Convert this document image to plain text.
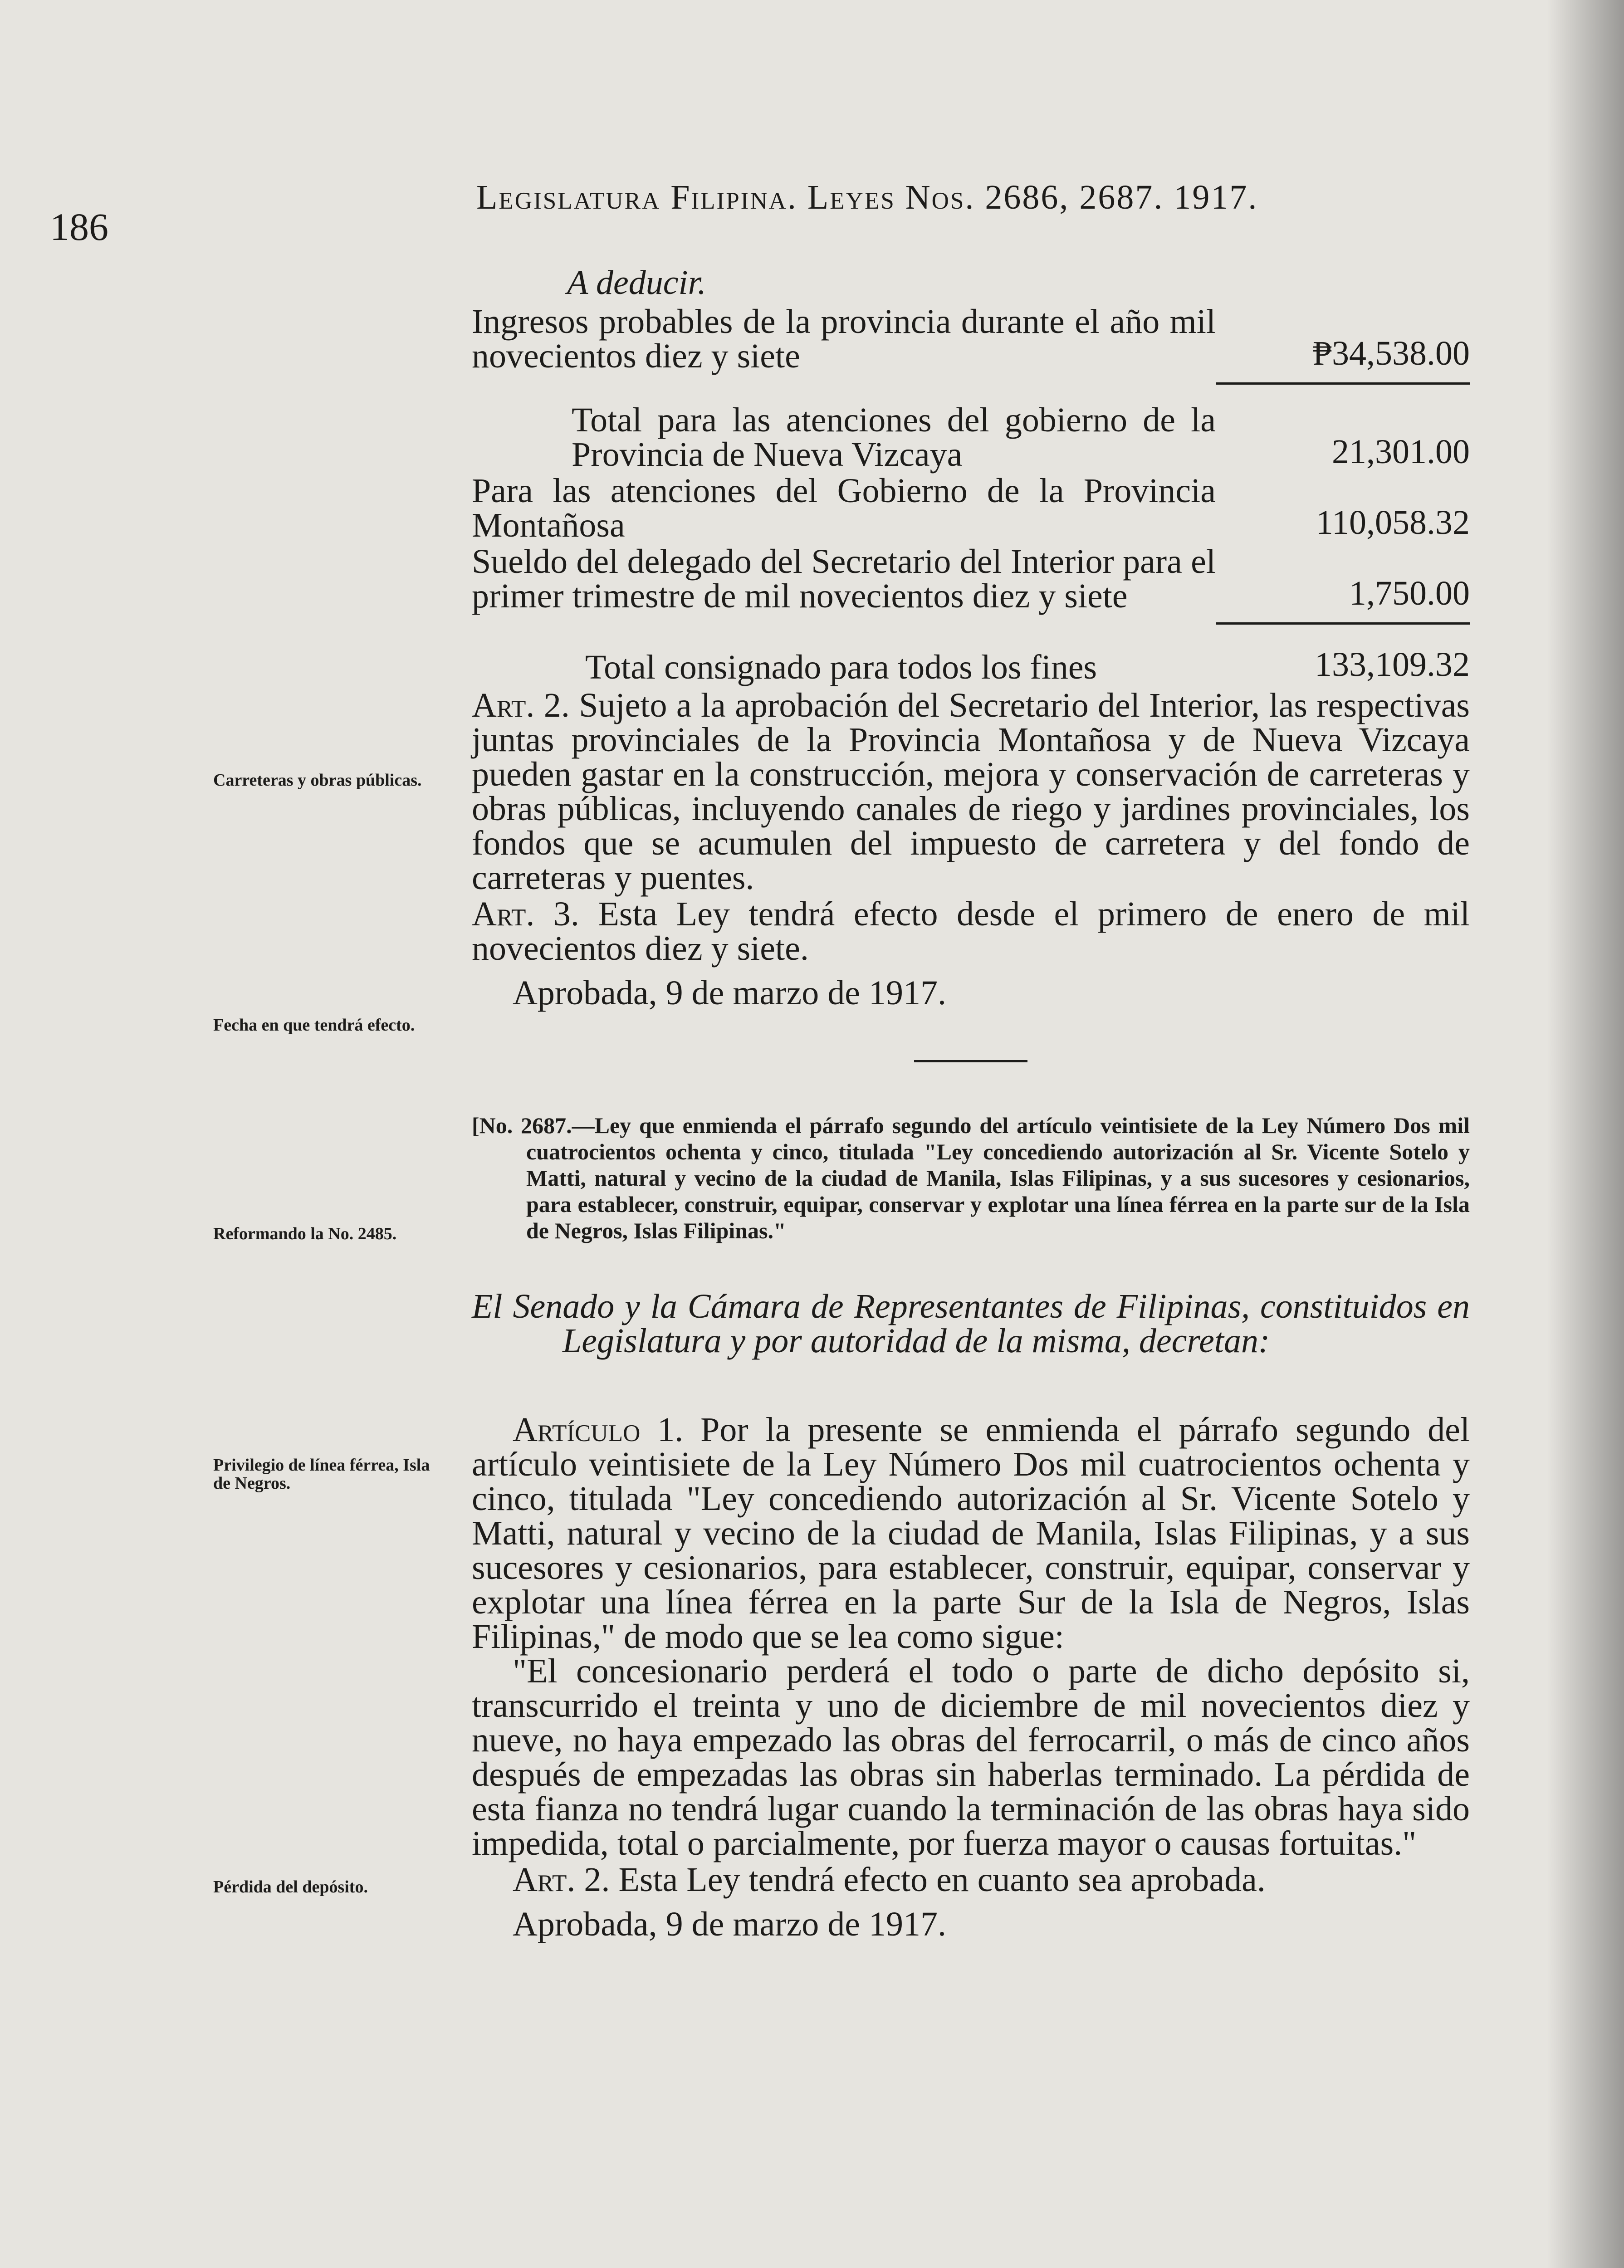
186
Legislatura Filipina. Leyes Nos. 2686, 2687. 1917.
Carreteras y obras públicas.
Fecha en que tendrá efecto.
Reformando la No. 2485.
Privilegio de línea férrea, Isla de Negros.
Pérdida del depósito.
A deducir.
Ingresos probables de la provincia durante el año mil novecientos diez y siete	₱34,538.00
Total para las atenciones del gobierno de la Provincia de Nueva Vizcaya	21,301.00
Para las atenciones del Gobierno de la Provincia Montañosa	110,058.32
Sueldo del delegado del Secretario del Interior para el primer trimestre de mil novecientos diez y siete	1,750.00
Total consignado para todos los fines	133,109.32
Art. 2. Sujeto a la aprobación del Secretario del Interior, las respectivas juntas provinciales de la Provincia Montañosa y de Nueva Vizcaya pueden gastar en la construcción, mejora y conservación de carreteras y obras públicas, incluyendo canales de riego y jardines provinciales, los fondos que se acumulen del impuesto de carretera y del fondo de carreteras y puentes.
Art. 3. Esta Ley tendrá efecto desde el primero de enero de mil novecientos diez y siete.
Aprobada, 9 de marzo de 1917.
[No. 2687.—Ley que enmienda el párrafo segundo del artículo veintisiete de la Ley Número Dos mil cuatrocientos ochenta y cinco, titulada "Ley concediendo autorización al Sr. Vicente Sotelo y Matti, natural y vecino de la ciudad de Manila, Islas Filipinas, y a sus sucesores y cesionarios, para establecer, construir, equipar, conservar y explotar una línea férrea en la parte sur de la Isla de Negros, Islas Filipinas."
El Senado y la Cámara de Representantes de Filipinas, constituidos en Legislatura y por autoridad de la misma, decretan:
Artículo 1. Por la presente se enmienda el párrafo segundo del artículo veintisiete de la Ley Número Dos mil cuatrocientos ochenta y cinco, titulada "Ley concediendo autorización al Sr. Vicente Sotelo y Matti, natural y vecino de la ciudad de Manila, Islas Filipinas, y a sus sucesores y cesionarios, para establecer, construir, equipar, conservar y explotar una línea férrea en la parte Sur de la Isla de Negros, Islas Filipinas," de modo que se lea como sigue:
"El concesionario perderá el todo o parte de dicho depósito si, transcurrido el treinta y uno de diciembre de mil novecientos diez y nueve, no haya empezado las obras del ferrocarril, o más de cinco años después de empezadas las obras sin haberlas terminado. La pérdida de esta fianza no tendrá lugar cuando la terminación de las obras haya sido impedida, total o parcialmente, por fuerza mayor o causas fortuitas."
Art. 2. Esta Ley tendrá efecto en cuanto sea aprobada.
Aprobada, 9 de marzo de 1917.
